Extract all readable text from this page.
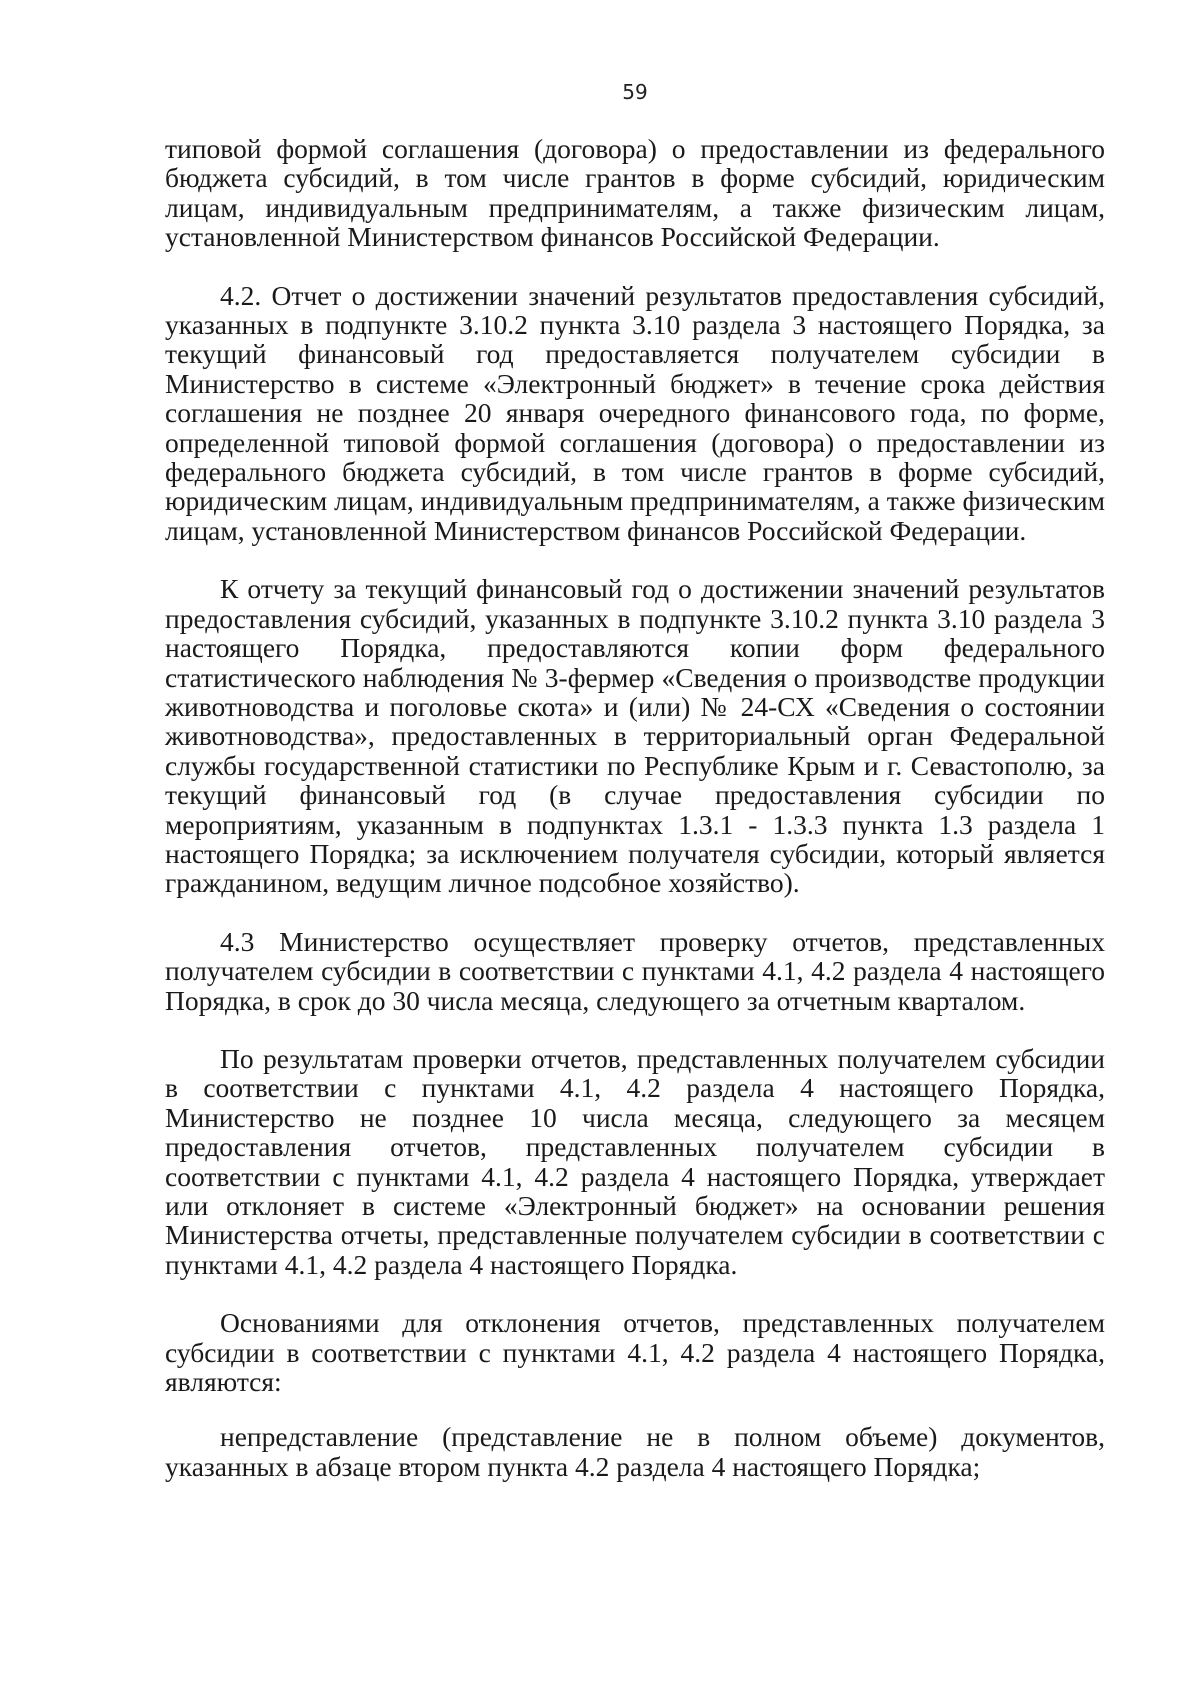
59

типовой формой соглашения (договора) о предоставлении из федерального бюджета субсидий, в том числе грантов в форме субсидий, юридическим лицам, индивидуальным предпринимателям, а также физическим лицам, установленной Министерством финансов Российской Федерации.

4.2. Отчет о достижении значений результатов предоставления субсидий, указанных в подпункте 3.10.2 пункта 3.10 раздела 3 настоящего Порядка, за текущий финансовый год предоставляется получателем субсидии в Министерство в системе «Электронный бюджет» в течение срока действия соглашения не позднее 20 января очередного финансового года, по форме, определенной типовой формой соглашения (договора) о предоставлении из федерального бюджета субсидий, в том числе грантов в форме субсидий, юридическим лицам, индивидуальным предпринимателям, а также физическим лицам, установленной Министерством финансов Российской Федерации.

К отчету за текущий финансовый год о достижении значений результатов предоставления субсидий, указанных в подпункте 3.10.2 пункта 3.10 раздела 3 настоящего Порядка, предоставляются копии форм федерального статистического наблюдения № 3-фермер «Сведения о производстве продукции животноводства и поголовье скота» и (или) № 24-СХ «Сведения о состоянии животноводства», предоставленных в территориальный орган Федеральной службы государственной статистики по Республике Крым и г. Севастополю, за текущий финансовый год (в случае предоставления субсидии по мероприятиям, указанным в подпунктах 1.3.1 - 1.3.3 пункта 1.3 раздела 1 настоящего Порядка; за исключением получателя субсидии, который является гражданином, ведущим личное подсобное хозяйство).

4.3 Министерство осуществляет проверку отчетов, представленных получателем субсидии в соответствии с пунктами 4.1, 4.2 раздела 4 настоящего Порядка, в срок до 30 числа месяца, следующего за отчетным кварталом.

По результатам проверки отчетов, представленных получателем субсидии в соответствии с пунктами 4.1, 4.2 раздела 4 настоящего Порядка, Министерство не позднее 10 числа месяца, следующего за месяцем предоставления отчетов, представленных получателем субсидии в соответствии с пунктами 4.1, 4.2 раздела 4 настоящего Порядка, утверждает или отклоняет в системе «Электронный бюджет» на основании решения Министерства отчеты, представленные получателем субсидии в соответствии с пунктами 4.1, 4.2 раздела 4 настоящего Порядка.

Основаниями для отклонения отчетов, представленных получателем субсидии в соответствии с пунктами 4.1, 4.2 раздела 4 настоящего Порядка, являются:

непредставление (представление не в полном объеме) документов, указанных в абзаце втором пункта 4.2 раздела 4 настоящего Порядка;
